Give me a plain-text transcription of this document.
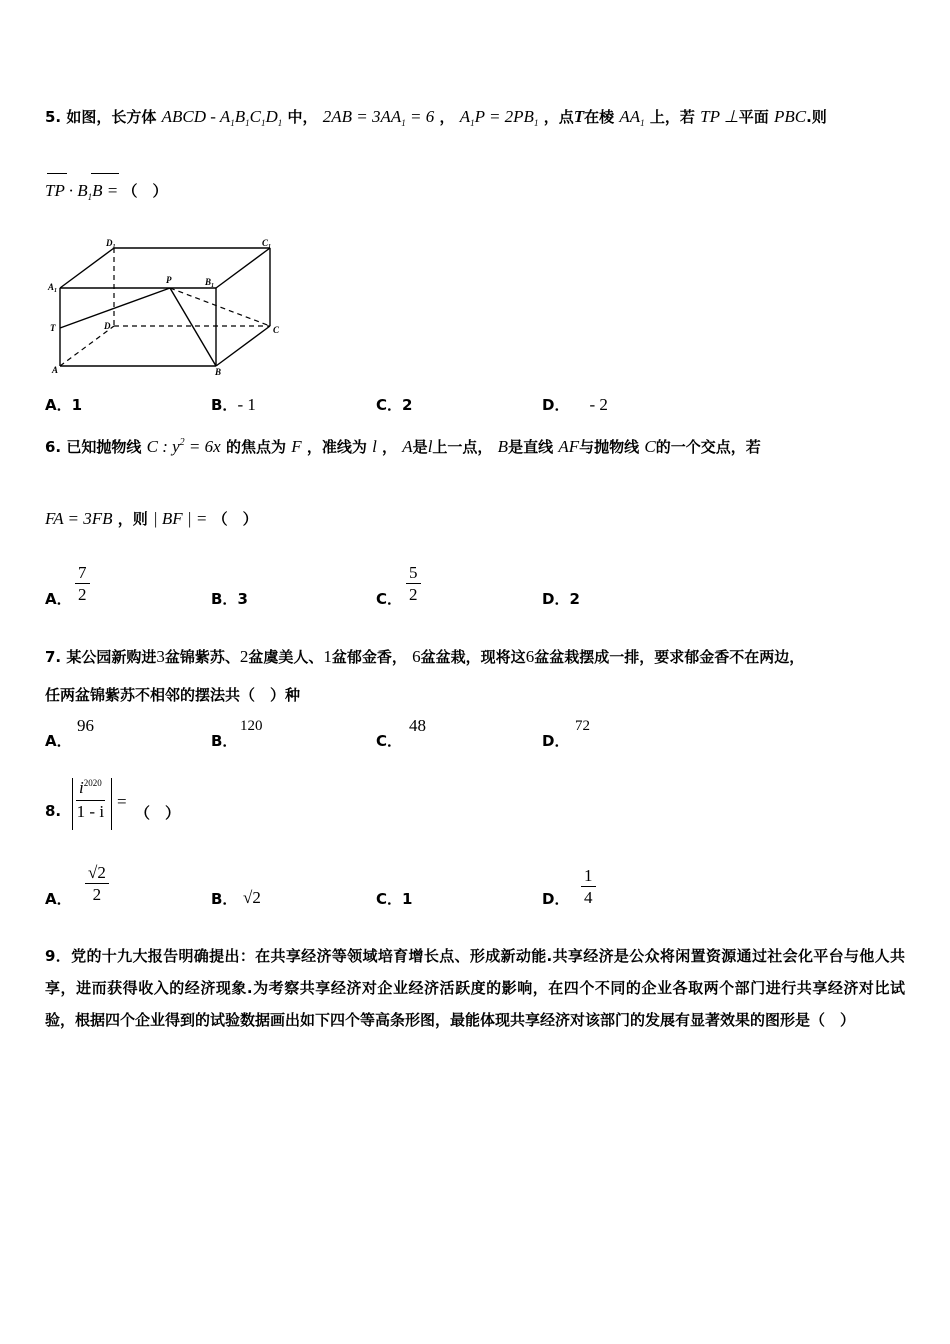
5. 如图，长方体 ABCD - $A_1B_1C_1D_1$ 中， $2AB = 3AA_1 = 6$ ， $A_1P = 2PB_1$ ，点T在棱 $AA_1$ 上，若 TP ⊥平面 PBC.则
TP · $B_1B$ = （　）
$D_1$	$C_1$
$A_1$
P	$B_1$
T	D	C
A	B
A．1	B．- 1	C．2	D． - 2
6. 已知抛物线 C : $y^2 = 6x$ 的焦点为 F ，准线为 l ， A是l上一点， B是直线 AF与抛物线 C的一个交点，若
FA = 3FB ，则 | BF | = （　）
A． $\frac{7}{2}$	B．3	C． $\frac{5}{2}$	D．2
7. 某公园新购进3盆锦紫苏、2盆虞美人、1盆郁金香， 6盆盆栽，现将这6盆盆栽摆成一排，要求郁金香不在两边，
任两盆锦紫苏不相邻的摆法共（　）种
A．
96
B．
120
C．
48
D．
72
8. $\frac{i^{2020}}{1 - i}$ =
（　）
A． $\frac{√2}{2}$	B． √2	C．1	D． $\frac{1}{4}$
9．党的十九大报告明确提出：在共享经济等领域培育增长点、形成新动能.共享经济是公众将闲置资源通过社会化平台与他人共享，进而获得收入的经济现象.为考察共享经济对企业经济活跃度的影响，在四个不同的企业各取两个部门进行共享经济对比试验，根据四个企业得到的试验数据画出如下四个等高条形图，最能体现共享经济对该部门的发展有显著效果的图形是（　）
